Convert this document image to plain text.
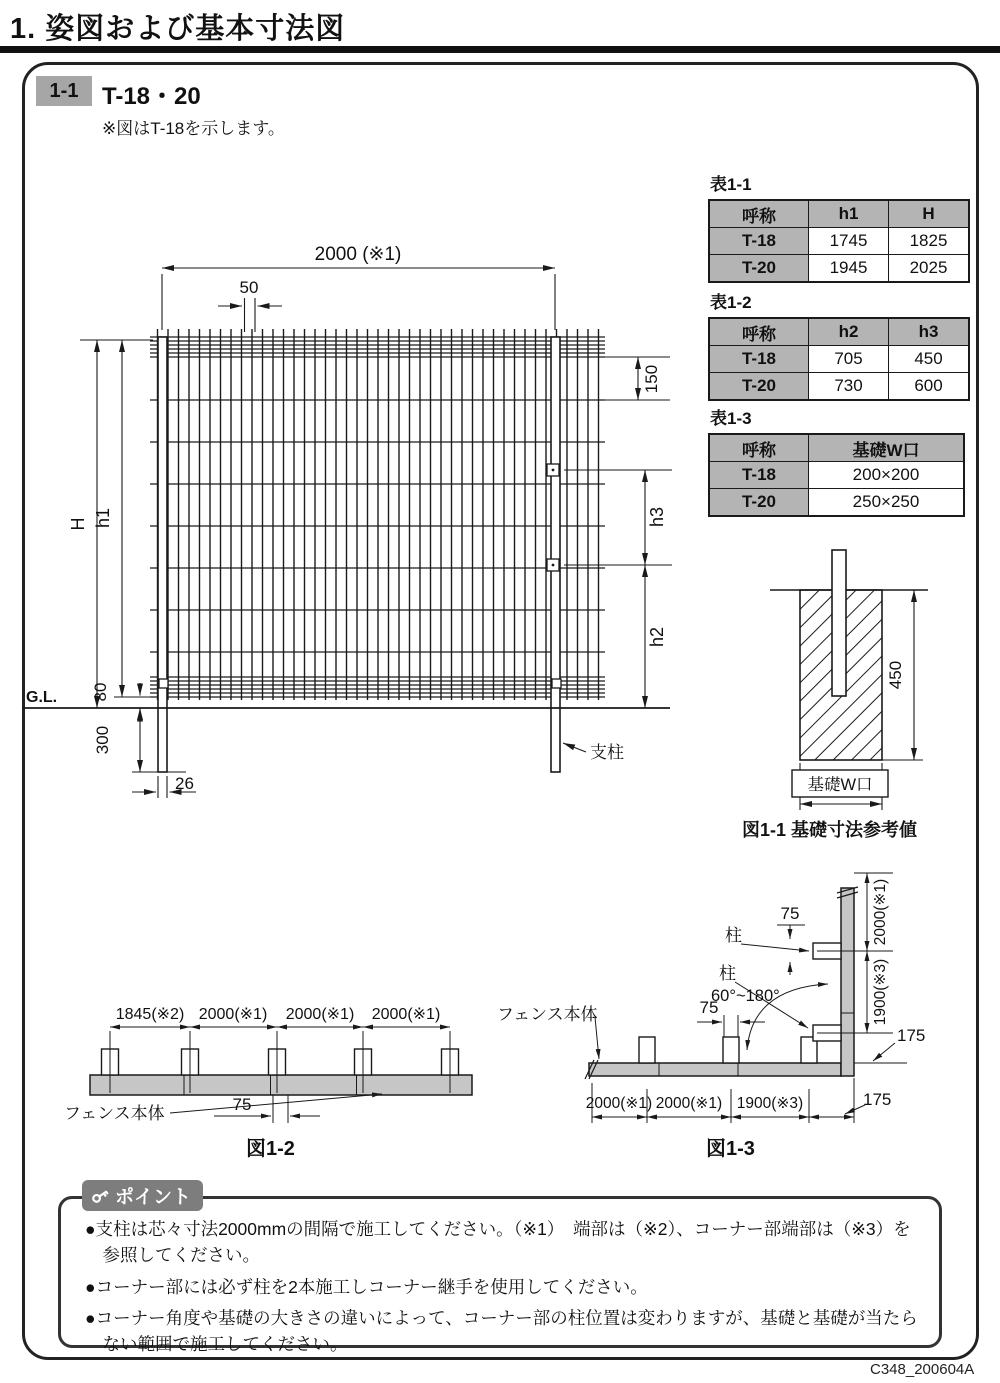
1. 姿図および基本寸法図
1-1 T-18・20
※図はT-18を示します。
表1-1
呼称	h1	H
T-18	1745	1825
T-20	1945	2025
表1-2
呼称	h2	h3
T-18	705	450
T-20	730	600
表1-3
呼称	基礎W口
T-18	200×200
T-20	250×250
2000 (※1)
50
150
H h1	h3
h2
G.L. 80
300
26
支柱
450
基礎W口
図1-1 基礎寸法参考値
1845(※2) 2000(※1) 2000(※1) 2000(※1)
フェンス本体	75
図1-2
フェンス本体
柱
柱
60°~180°
75
75
2000(※1)
1900(※3)
175
175
2000(※1) 2000(※1) 1900(※3)
図1-3

●支柱は芯々寸法2000mmの間隔で施工してください。（※1）　端部は（※2）、コーナー部端部は（※3）を参照してください。

●コーナー部には必ず柱を2本施工しコーナー継手を使用してください。

●コーナー角度や基礎の大きさの違いによって、コーナー部の柱位置は変わりますが、基礎と基礎が当たらない範囲で施工してください。

ポイント
C348_200604A
